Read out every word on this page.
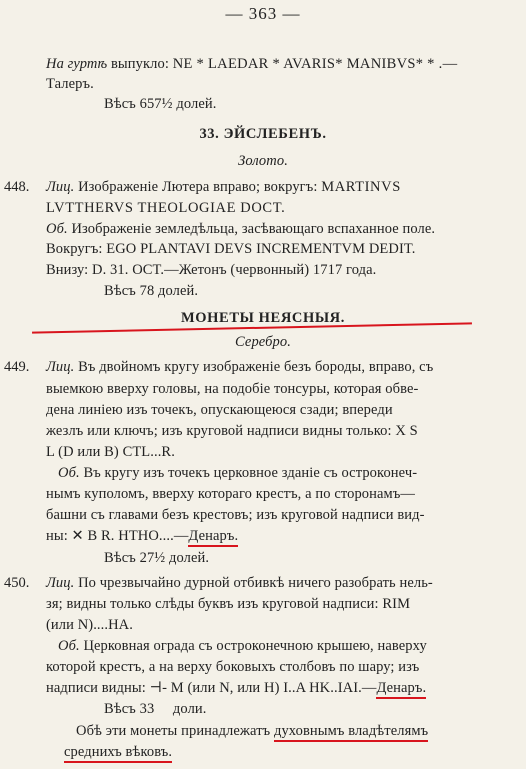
— 363 —
На гуртѣ выпукло: NE * LAEDAR * AVARIS* MANIBVS* * .—
Талеръ.
Вѣсъ 657½ долей.
33. ЭЙСЛЕБЕНЪ.
Золото.
448. Лиц. Изображеніе Лютера вправо; вокругъ: MARTINVS
LVTTHERVS THEOLOGIAE DOCT.
Об. Изображеніе земледѣльца, засѣвающаго вспаханное поле.
Вокругъ: EGO PLANTAVI DEVS INCREMENTVM DEDIT.
Внизу: D. 31. OCT.—Жетонъ (червонный) 1717 года.
Вѣсъ 78 долей.
МОНЕТЫ НЕЯСНЫЯ.
Серебро.
449. Лиц. Въ двойномъ кругу изображеніе безъ бороды, вправо, съ
выемкою вверху головы, на подобіе тонсуры, которая обве-
дена линіею изъ точекъ, опускающеюся сзади; впереди
жезлъ или ключъ; изъ круговой надписи видны только: X S
L (D или B) CTL...R.
Об. Въ кругу изъ точекъ церковное зданіе съ остроконеч-
нымъ куполомъ, вверху котораго крестъ, а по сторонамъ—
башни съ главами безъ крестовъ; изъ круговой надписи вид-
ны: ✕ B R. HTHO....—Денаръ.
Вѣсъ 27½ долей.
450. Лиц. По чрезвычайно дурной отбивкѣ ничего разобрать нель-
зя; видны только слѣды буквъ изъ круговой надписи: RIM
(или N)....HA.
Об. Церковная ограда съ остроконечною крышею, наверху
которой крестъ, а на верху боковыхъ столбовъ по шару; изъ
надписи видны: ⊣- M (или N, или H) I..A HK..IAI.—Денаръ.
Вѣсъ 33     доли.
Обѣ эти монеты принадлежатъ духовнымъ владѣтелямъ
среднихъ вѣковъ.
